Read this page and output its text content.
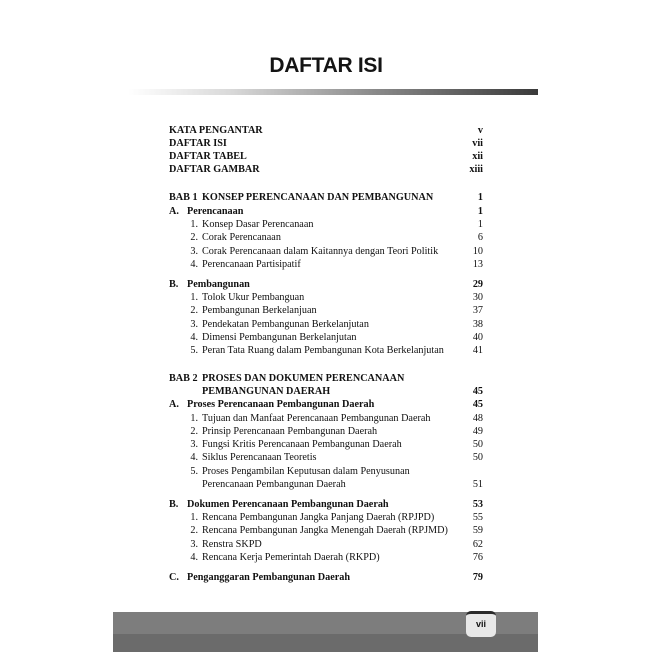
DAFTAR ISI
KATA PENGANTAR	v
DAFTAR ISI	vii
DAFTAR TABEL	xii
DAFTAR GAMBAR	xiii
BAB 1 KONSEP PERENCANAAN DAN PEMBANGUNAN	1
A. Perencanaan	1
1. Konsep Dasar Perencanaan	1
2. Corak Perencanaan	6
3. Corak Perencanaan dalam Kaitannya dengan Teori Politik	10
4. Perencanaan Partisipatif	13
B. Pembangunan	29
1. Tolok Ukur Pembanguan	30
2. Pembangunan Berkelanjuan	37
3. Pendekatan Pembangunan Berkelanjutan	38
4. Dimensi Pembangunan Berkelanjutan	40
5. Peran Tata Ruang dalam Pembangunan Kota Berkelanjutan	41
BAB 2 PROSES DAN DOKUMEN PERENCANAAN
PEMBANGUNAN DAERAH	45
A. Proses Perencanaan Pembangunan Daerah	45
1. Tujuan dan Manfaat Perencanaan Pembangunan Daerah	48
2. Prinsip Perencanaan Pembangunan Daerah	49
3. Fungsi Kritis Perencanaan Pembangunan Daerah	50
4. Siklus Perencanaan Teoretis	50
5. Proses Pengambilan Keputusan dalam Penyusunan
Perencanaan Pembangunan Daerah	51
B. Dokumen Perencanaan Pembangunan Daerah	53
1. Rencana Pembangunan Jangka Panjang Daerah (RPJPD)	55
2. Rencana Pembangunan Jangka Menengah Daerah (RPJMD) 59
3. Renstra SKPD	62
4. Rencana Kerja Pemerintah Daerah (RKPD)	76
C. Penganggaran Pembangunan Daerah	79
vii
